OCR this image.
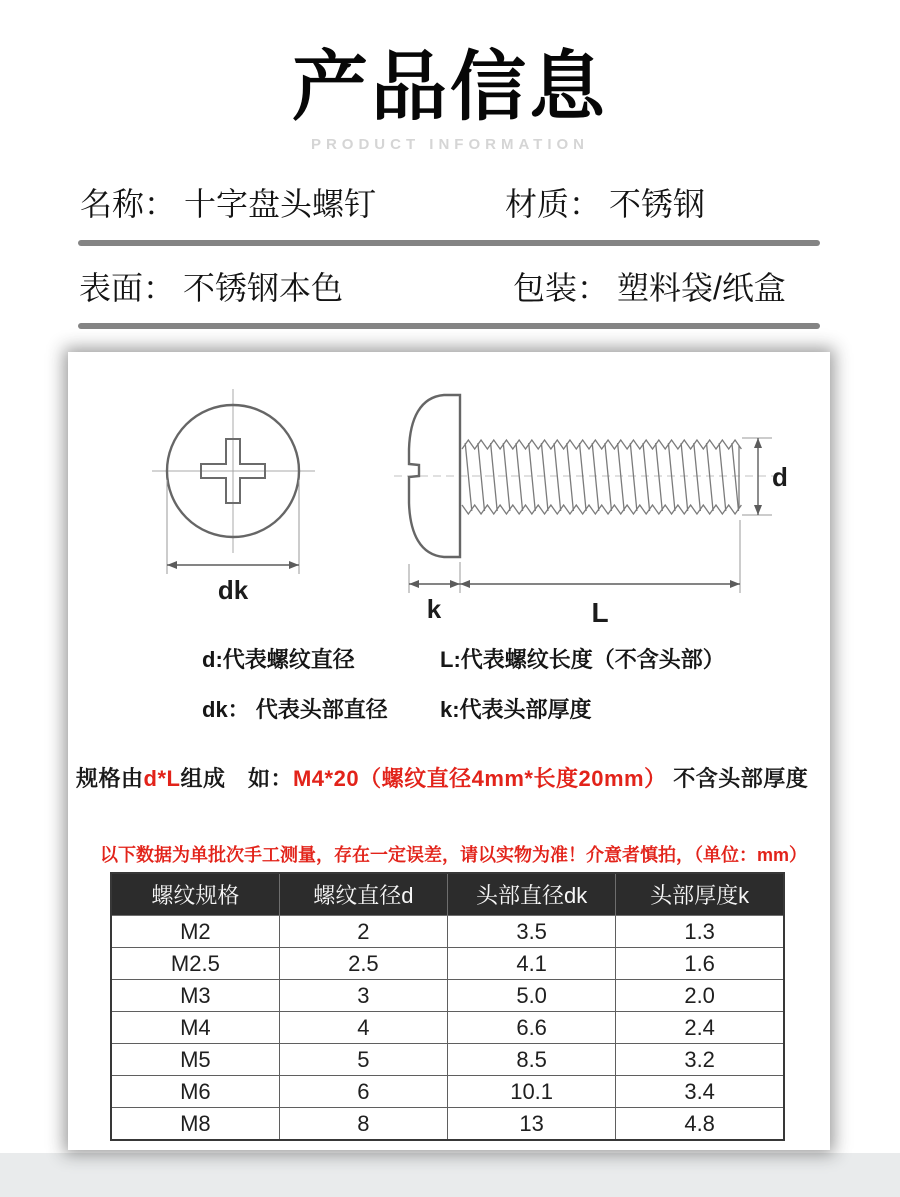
产品信息
PRODUCT INFORMATION
名称： 十字盘头螺钉	材质： 不锈钢
表面： 不锈钢本色	包装： 塑料袋/纸盒
dk
d
k	L
d:代表螺纹直径	L:代表螺纹长度（不含头部）
dk： 代表头部直径 k:代表头部厚度
规格由d*L组成　如：M4*20（螺纹直径4mm*长度20mm） 不含头部厚度
以下数据为单批次手工测量，存在一定误差，请以实物为准！介意者慎拍，（单位：mm）
螺纹规格	螺纹直径d	头部直径dk	头部厚度k
M2	2	3.5	1.3
M2.5	2.5	4.1	1.6
M3	3	5.0	2.0
M4	4	6.6	2.4
M5	5	8.5	3.2
M6	6	10.1	3.4
M8	8	13	4.8
